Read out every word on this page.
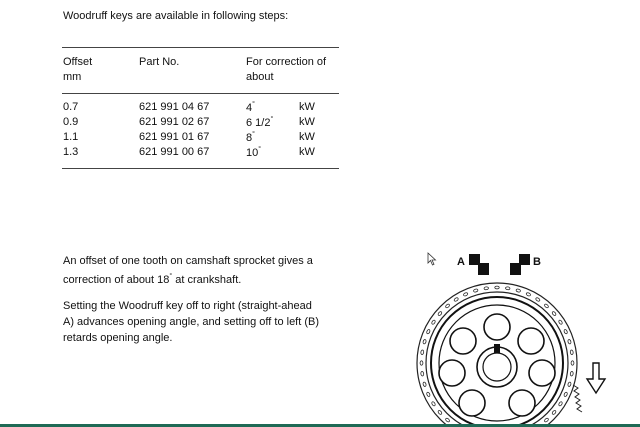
Woodruff keys are available in following steps:
Offset
mm
Part No.	For correction of
about
0.7	621 991 04 67	4°	kW
0.9	621 991 02 67	6 1/2° kW
1.1	621 991 01 67	8°	kW
1.3	621 991 00 67	10°	kW
An offset of one tooth on camshaft sprocket gives a
correction of about 18° at crankshaft.
Setting the Woodruff key off to right (straight-ahead
A) advances opening angle, and setting off to left (B)
retards opening angle.
A	B
